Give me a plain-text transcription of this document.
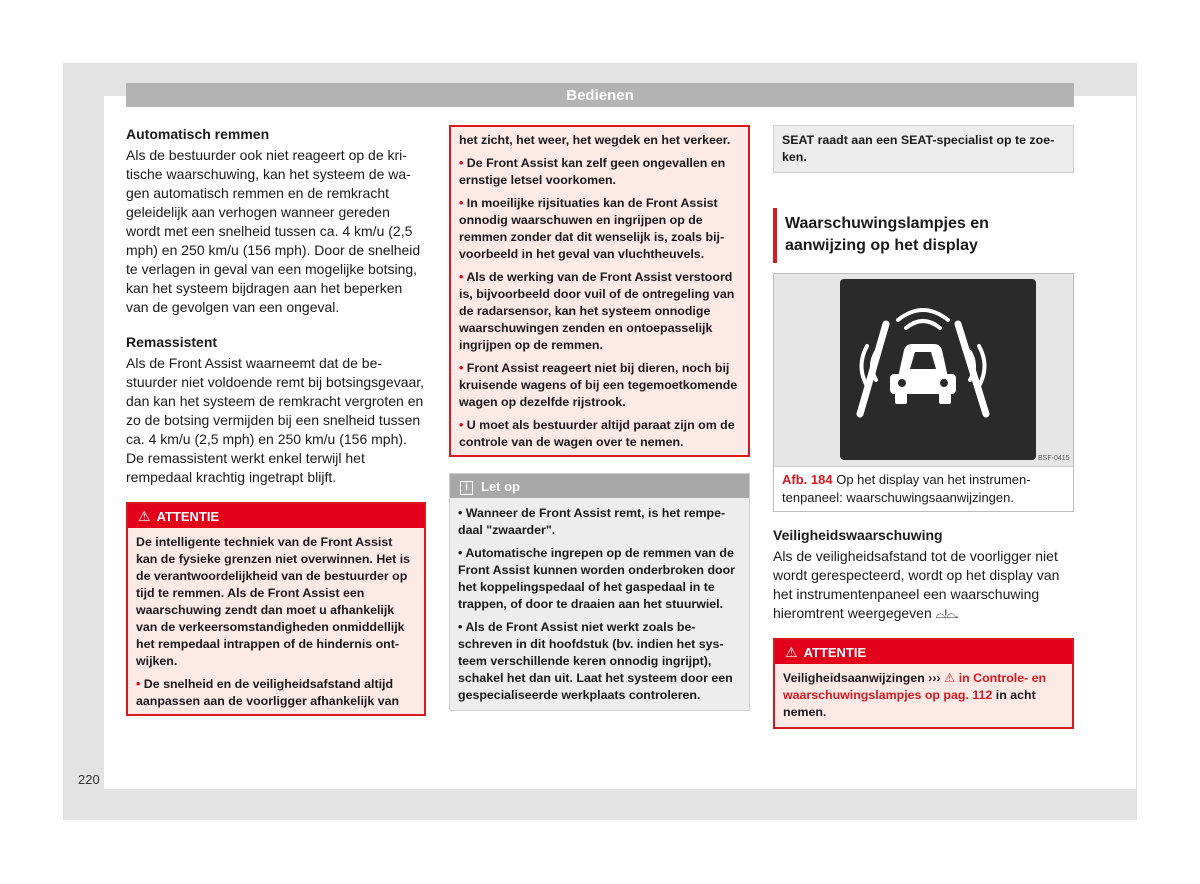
Bedienen
Automatisch remmen

Als de bestuurder ook niet reageert op de kritische waarschuwing, kan het systeem de wagen automatisch remmen en de remkracht geleidelijk aan verhogen wanneer gereden wordt met een snelheid tussen ca. 4 km/u (2,5 mph) en 250 km/u (156 mph). Door de snelheid te verlagen in geval van een mogelijke botsing, kan het systeem bijdragen aan het beperken van de gevolgen van een ongeval.

Remassistent

Als de Front Assist waarneemt dat de bestuurder niet voldoende remt bij botsingsgevaar, dan kan het systeem de remkracht vergroten en zo de botsing vermijden bij een snelheid tussen ca. 4 km/u (2,5 mph) en 250 km/u (156 mph). De remassistent werkt enkel terwijl het rempedaal krachtig ingetrapt blijft.

⚠ ATTENTIE

De intelligente techniek van de Front Assist kan de fysieke grenzen niet overwinnen. Het is de verantwoordelijkheid van de bestuurder op tijd te remmen. Als de Front Assist een waarschuwing zendt dan moet u afhankelijk van de verkeersomstandigheden onmiddellijk het rempedaal intrappen of de hindernis ontwijken.

• De snelheid en de veiligheidsafstand altijd aanpassen aan de voorligger afhankelijk van

het zicht, het weer, het wegdek en het verkeer.

• De Front Assist kan zelf geen ongevallen en ernstige letsel voorkomen.

• In moeilijke rijsituaties kan de Front Assist onnodig waarschuwen en ingrijpen op de remmen zonder dat dit wenselijk is, zoals bijvoorbeeld in het geval van vluchtheuvels.

• Als de werking van de Front Assist verstoord is, bijvoorbeeld door vuil of de ontregeling van de radarsensor, kan het systeem onnodige waarschuwingen zenden en ontoepasselijk ingrijpen op de remmen.

• Front Assist reageert niet bij dieren, noch bij kruisende wagens of bij een tegemoetkomende wagen op dezelfde rijstrook.

• U moet als bestuurder altijd paraat zijn om de controle van de wagen over te nemen.

i Let op

• Wanneer de Front Assist remt, is het rempedaal "zwaarder".

• Automatische ingrepen op de remmen van de Front Assist kunnen worden onderbroken door het koppelingspedaal of het gaspedaal in te trappen, of door te draaien aan het stuurwiel.

• Als de Front Assist niet werkt zoals beschreven in dit hoofdstuk (bv. indien het systeem verschillende keren onnodig ingrijpt), schakel het dan uit. Laat het systeem door een gespecialiseerde werkplaats controleren.

SEAT raadt aan een SEAT-specialist op te zoeken.
Waarschuwingslampjes en aanwijzing op het display
BSF-0415
Afb. 184 Op het display van het instrumentenpaneel: waarschuwingsaanwijzingen.
Veiligheidswaarschuwing

Als de veiligheidsafstand tot de voorligger niet wordt gerespecteerd, wordt op het display van het instrumentenpaneel een waarschuwing hieromtrent weergegeven ⌓!⌓.

⚠ ATTENTIE
Veiligheidsaanwijzingen ››› ⚠ in Controle- en waarschuwingslampjes op pag. 112 in acht nemen.
220
